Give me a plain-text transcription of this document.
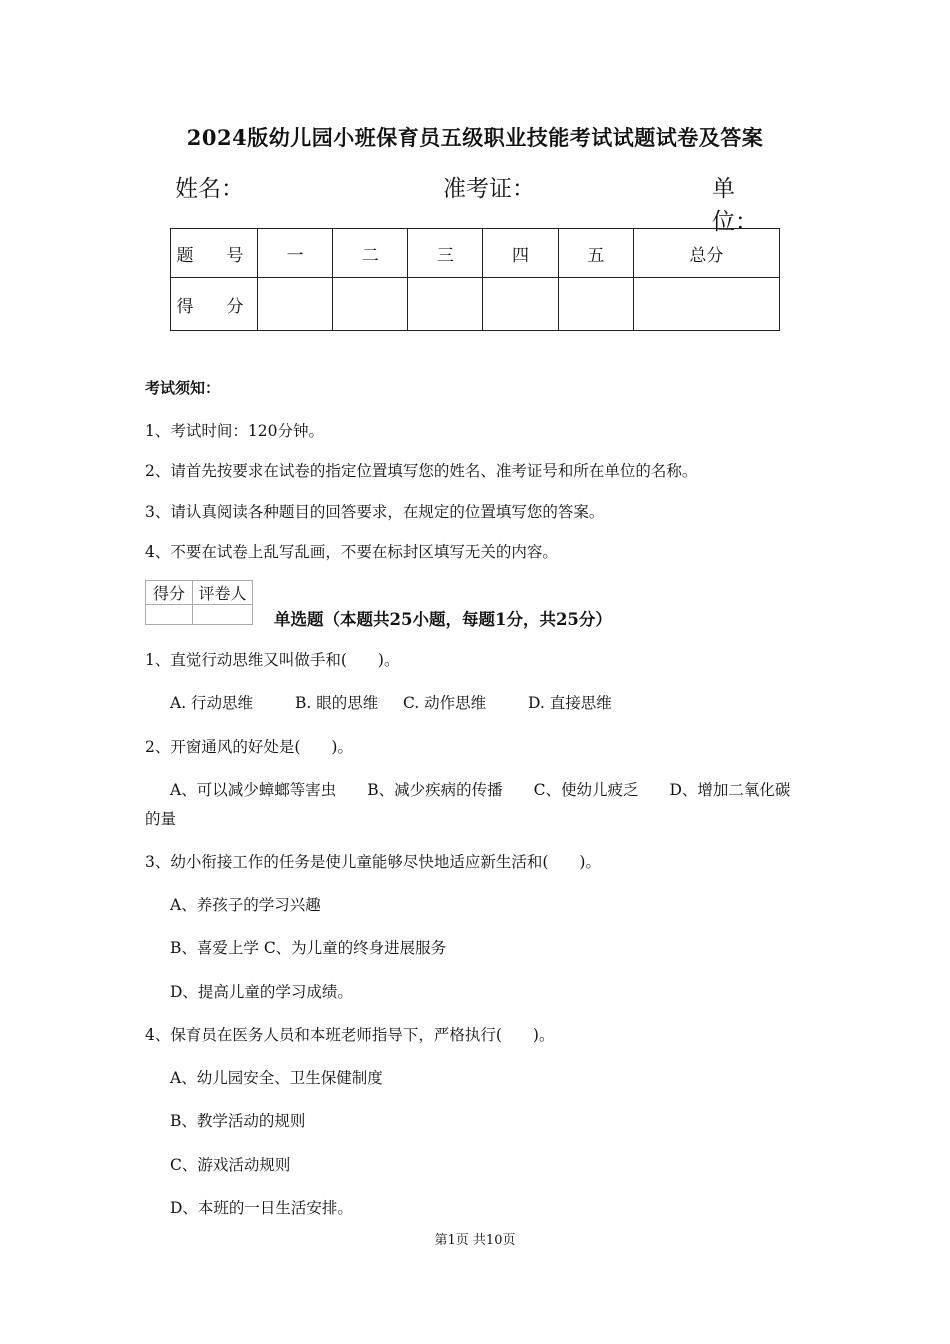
2024版幼儿园小班保育员五级职业技能考试试题试卷及答案
姓名：	准考证：	单位：
题　号	一	二	三	四	五	总分
得　分						
考试须知：
1、考试时间：120分钟。
2、请首先按要求在试卷的指定位置填写您的姓名、准考证号和所在单位的名称。
3、请认真阅读各种题目的回答要求，在规定的位置填写您的答案。
4、不要在试卷上乱写乱画，不要在标封区填写无关的内容。
得分	评卷人

单选题（本题共25小题，每题1分，共25分）
1、直觉行动思维又叫做手和(　　)。
A. 行动思维	B. 眼的思维 C. 动作思维	D. 直接思维
2、开窗通风的好处是(　　)。
A、可以减少蟑螂等害虫　　B、减少疾病的传播　　C、使幼儿疲乏　　D、增加二氧化碳
的量
3、幼小衔接工作的任务是使儿童能够尽快地适应新生活和(　　)。
A、养孩子的学习兴趣
B、喜爱上学 C、为儿童的终身进展服务
D、提高儿童的学习成绩。
4、保育员在医务人员和本班老师指导下，严格执行(　　)。
A、幼儿园安全、卫生保健制度
B、教学活动的规则
C、游戏活动规则
D、本班的一日生活安排。
第1页 共10页
